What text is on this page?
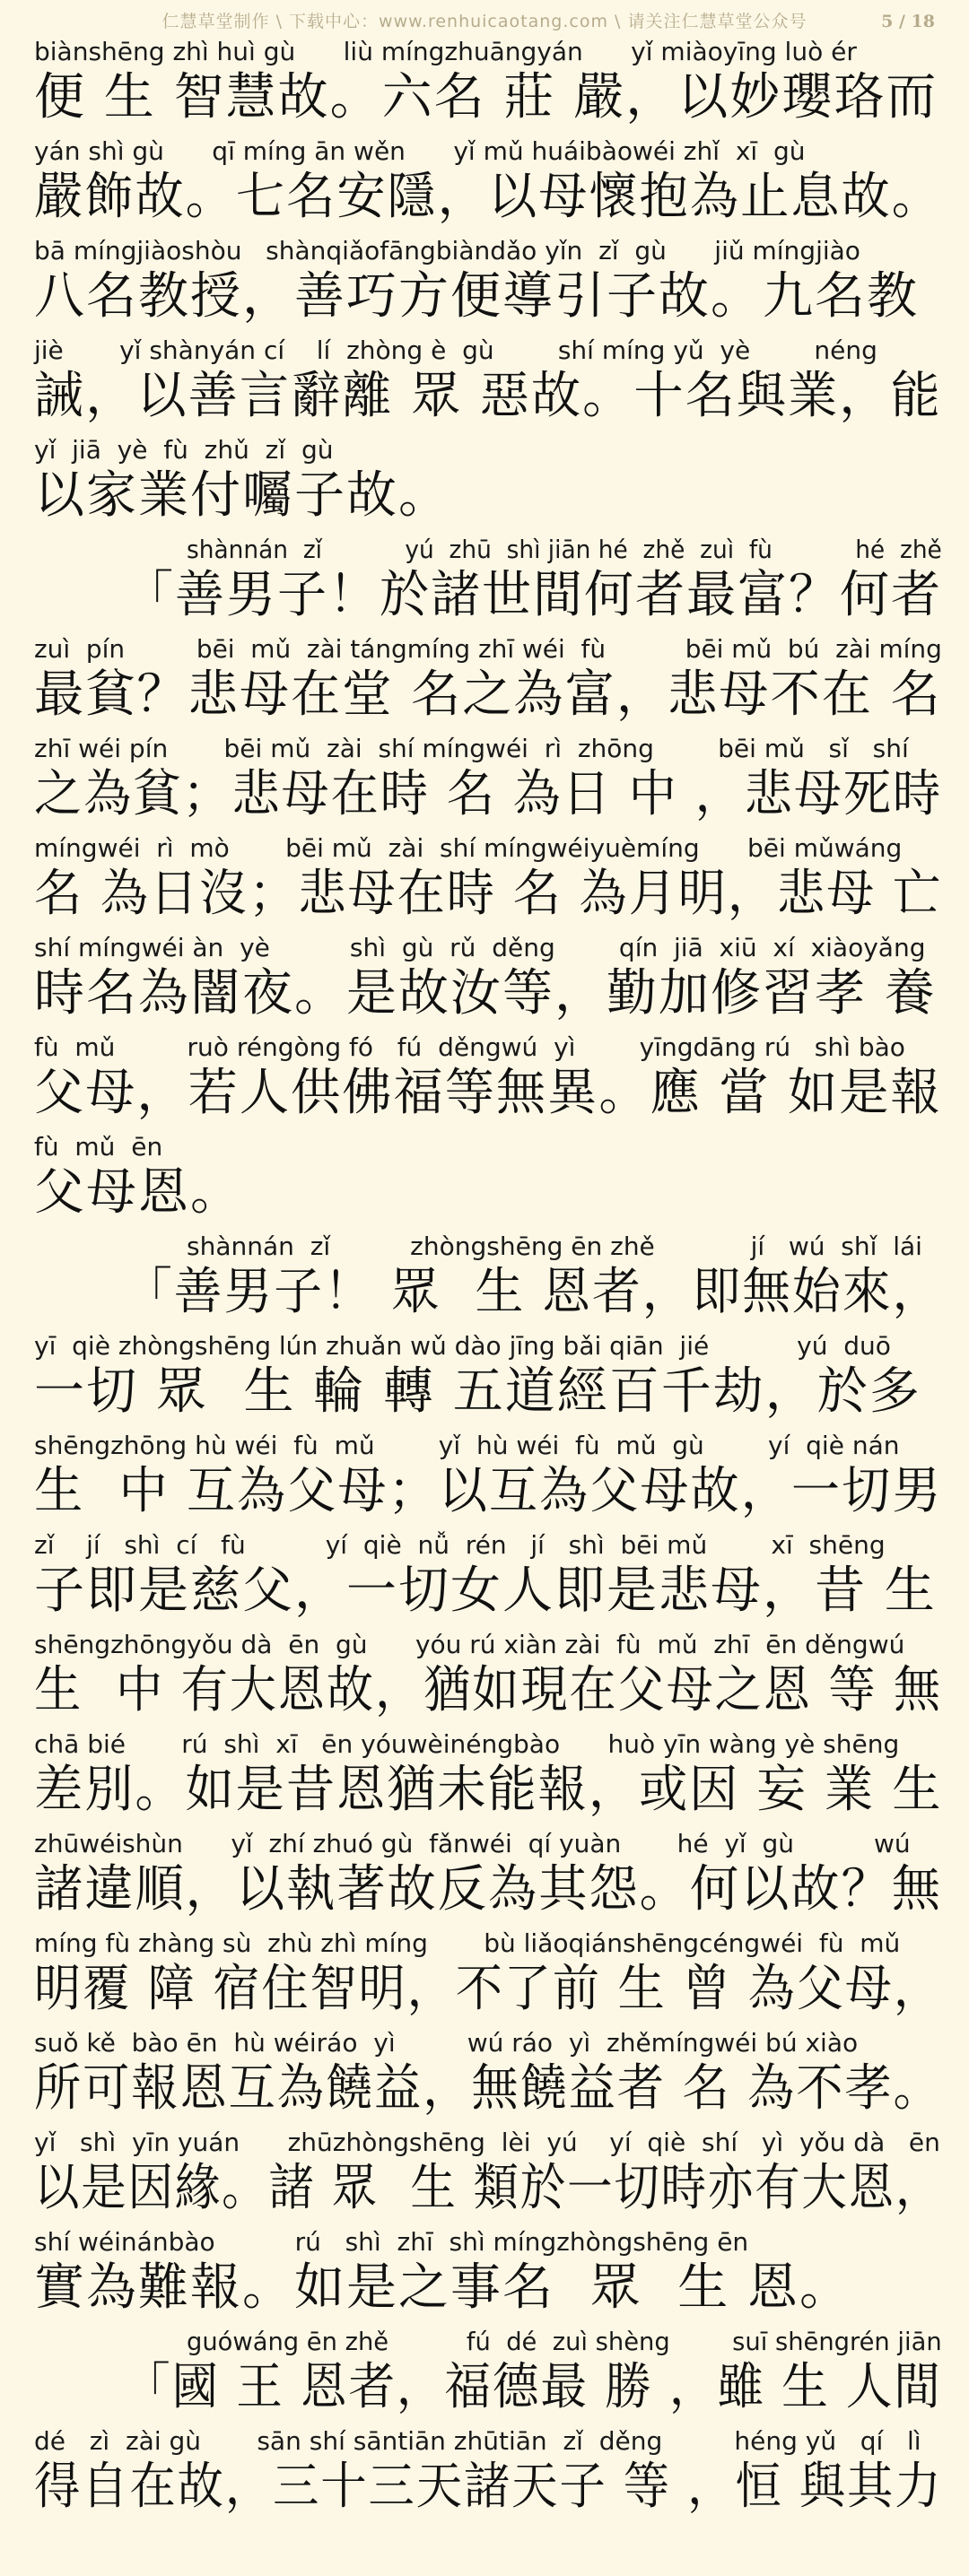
仁慧草堂制作 \ 下载中心：www.renhuicaotang.com \ 请关注仁慧草堂公众号	5 / 18
biànshēng zhì huì gù      liù míngzhuāngyán      yǐ miàoyīng luò ér
便 生 智慧故。六名 莊 嚴，以妙瓔珞而
yán shì gù      qī míng ān wěn      yǐ mǔ huáibàowéi zhǐ  xī  gù
嚴飾故。七名安隱，以母懷抱為止息故。
bā míngjiàoshòu   shànqiǎofāngbiàndǎo yǐn  zǐ  gù      jiǔ míngjiào
八名教授，善巧方便導引子故。九名教
jiè       yǐ shànyán cí    lí  zhòng è  gù        shí míng yǔ  yè        néng
誡，以善言辭離 眾 惡故。十名與業，能
yǐ  jiā  yè  fù  zhǔ  zǐ  gù
以家業付囑子故。
shànnán  zǐ           yú  zhū  shì jiān hé  zhě  zuì  fù           hé  zhě
「善男子！於諸世間何者最富？何者
zuì  pín         bēi  mǔ  zài tángmíng zhī wéi  fù          bēi mǔ  bú  zài míng
最貧？悲母在堂 名之為富，悲母不在 名
zhī wéi pín       bēi mǔ  zài  shí míngwéi  rì  zhōng        bēi mǔ   sǐ   shí
之為貧；悲母在時 名 為日 中 ，悲母死時
míngwéi  rì  mò       bēi mǔ  zài  shí míngwéiyuèmíng      bēi mǔwáng
名 為日沒；悲母在時 名 為月明，悲母 亡
shí míngwéi àn  yè          shì  gù  rǔ  děng        qín  jiā  xiū  xí  xiàoyǎng
時名為闇夜。是故汝等，勤加修習孝 養
fù  mǔ         ruò réngòng fó   fú  děngwú  yì        yīngdāng rú   shì bào
父母，若人供佛福等無異。應 當 如是報
fù  mǔ  ēn
父母恩。
shànnán  zǐ          zhòngshēng ēn zhě            jí   wú  shǐ  lái
「善男子！ 眾  生 恩者，即無始來，
yī  qiè zhòngshēng lún zhuǎn wǔ dào jīng bǎi qiān  jié           yú  duō
一切 眾  生 輪 轉 五道經百千劫，於多
shēngzhōng hù wéi  fù  mǔ        yǐ  hù wéi  fù  mǔ  gù        yí  qiè nán
生  中 互為父母；以互為父母故，一切男
zǐ    jí   shì  cí   fù          yí  qiè  nǚ  rén   jí   shì  bēi mǔ        xī  shēng
子即是慈父，一切女人即是悲母，昔 生
shēngzhōngyǒu dà  ēn  gù      yóu rú xiàn zài  fù  mǔ  zhī  ēn děngwú
生  中 有大恩故，猶如現在父母之恩 等 無
chā bié       rú  shì  xī   ēn yóuwèinéngbào      huò yīn wàng yè shēng
差別。如是昔恩猶未能報，或因 妄 業 生
zhūwéishùn      yǐ  zhí zhuó gù  fǎnwéi  qí yuàn       hé  yǐ  gù          wú
諸違順，以執著故反為其怨。何以故？無
míng fù zhàng sù  zhù zhì míng       bù liǎoqiánshēngcéngwéi  fù  mǔ
明覆 障 宿住智明，不了前 生 曾 為父母，
suǒ kě  bào ēn  hù wéiráo  yì         wú ráo  yì  zhěmíngwéi bú xiào
所可報恩互為饒益，無饒益者 名 為不孝。
yǐ   shì  yīn yuán      zhūzhòngshēng  lèi  yú    yí  qiè  shí   yì  yǒu dà   ēn
以是因緣。諸 眾  生 類於一切時亦有大恩，
shí wéinánbào          rú   shì  zhī  shì míngzhòngshēng ēn
實為難報。如是之事名  眾  生 恩。
guówáng ēn zhě          fú  dé  zuì shèng        suī shēngrén jiān
「國 王 恩者，福德最 勝 ，雖 生 人間
dé   zì  zài gù       sān shí sāntiān zhūtiān  zǐ  děng         héng yǔ   qí   lì
得自在故，三十三天諸天子 等 ，恒 與其力
